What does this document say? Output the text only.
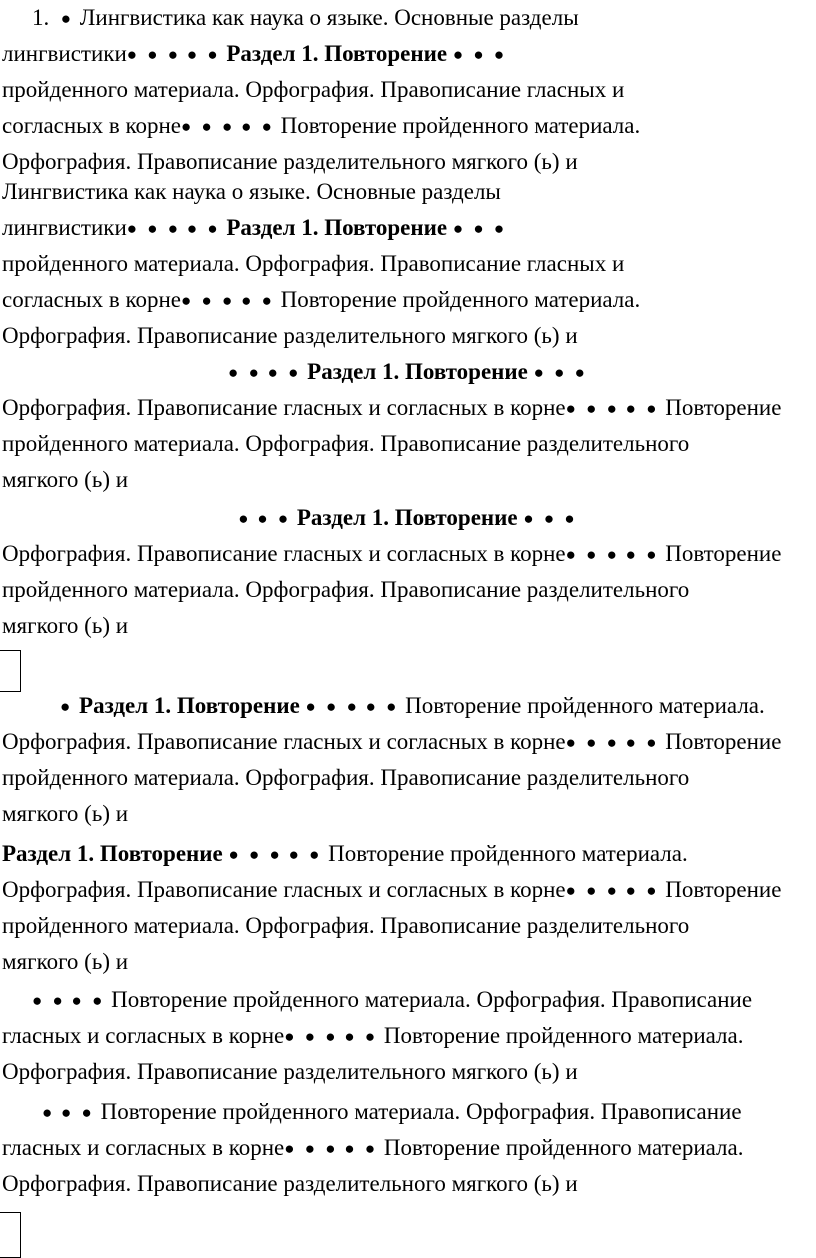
1. ● Лингвистика как наука о языке. Основные разделы
лингвистики● ● ● ● ● Раздел 1. Повторение ● ● ●
пройденного материала. Орфография. Правописание гласных и
согласных в корне● ● ● ● ● Повторение пройденного материала.
Орфография. Правописание разделительного мягкого (ь) и
Лингвистика как наука о языке. Основные разделы
лингвистики● ● ● ● ● Раздел 1. Повторение ● ● ●
пройденного материала. Орфография. Правописание гласных и
согласных в корне● ● ● ● ● Повторение пройденного материала.
Орфография. Правописание разделительного мягкого (ь) и
● ● ● ● Раздел 1. Повторение ● ● ●
Орфография. Правописание гласных и согласных в корне● ● ● ● ● Повторение
пройденного материала. Орфография. Правописание разделительного
мягкого (ь) и
● ● ● Раздел 1. Повторение ● ● ●
Орфография. Правописание гласных и согласных в корне● ● ● ● ● Повторение
пройденного материала. Орфография. Правописание разделительного
мягкого (ь) и
● Раздел 1. Повторение ● ● ● ● ● Повторение пройденного материала.
Орфография. Правописание гласных и согласных в корне● ● ● ● ● Повторение
пройденного материала. Орфография. Правописание разделительного
мягкого (ь) и
Раздел 1. Повторение ● ● ● ● ● Повторение пройденного материала.
Орфография. Правописание гласных и согласных в корне● ● ● ● ● Повторение
пройденного материала. Орфография. Правописание разделительного
мягкого (ь) и
● ● ● ● Повторение пройденного материала. Орфография. Правописание
гласных и согласных в корне● ● ● ● ● Повторение пройденного материала.
Орфография. Правописание разделительного мягкого (ь) и
● ● ● Повторение пройденного материала. Орфография. Правописание
гласных и согласных в корне● ● ● ● ● Повторение пройденного материала.
Орфография. Правописание разделительного мягкого (ь) и
